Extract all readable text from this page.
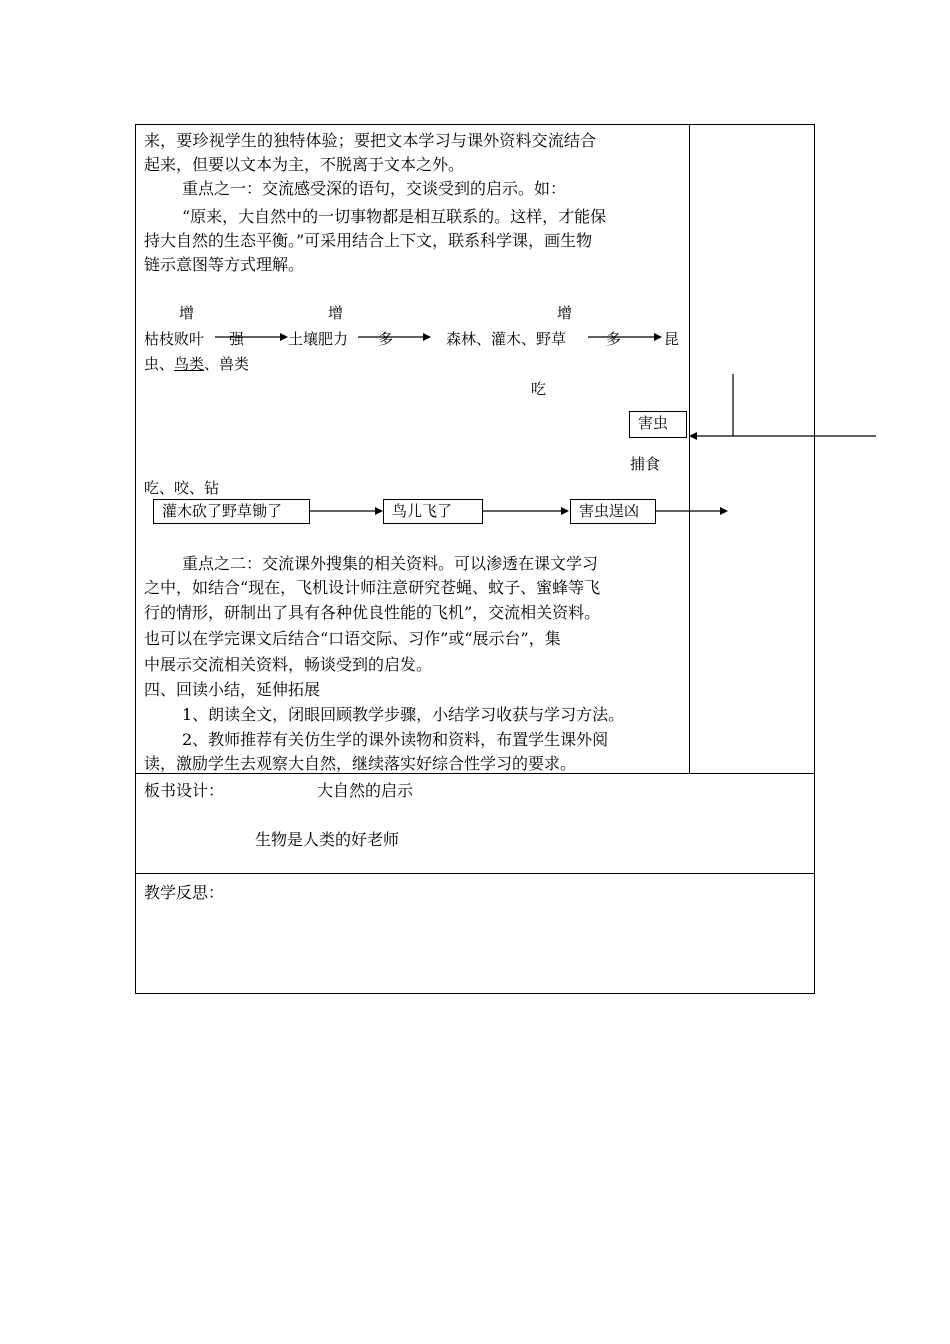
来，要珍视学生的独特体验；要把文本学习与课外资料交流结合
起来，但要以文本为主，不脱离于文本之外。
重点之一：交流感受深的语句，交谈受到的启示。如：
“原来，大自然中的一切事物都是相互联系的。这样，才能保
持大自然的生态平衡。”可采用结合上下文，联系科学课，画生物
链示意图等方式理解。
增	增	增
枯枝败叶 强	土壤肥力 多	森林、灌木、野草	多	昆
虫、鸟类、兽类
吃
害虫
捕食
吃、咬、钻
灌木砍了野草锄了	鸟儿飞了	害虫逞凶
重点之二：交流课外搜集的相关资料。可以渗透在课文学习
之中，如结合“现在，飞机设计师注意研究苍蝇、蚊子、蜜蜂等飞
行的情形，研制出了具有各种优良性能的飞机”，交流相关资料。
也可以在学完课文后结合“口语交际、习作”或“展示台”，集
中展示交流相关资料，畅谈受到的启发。
四、回读小结，延伸拓展
1、朗读全文，闭眼回顾教学步骤，小结学习收获与学习方法。
2、教师推荐有关仿生学的课外读物和资料，布置学生课外阅
读，激励学生去观察大自然，继续落实好综合性学习的要求。
板书设计：	大自然的启示
生物是人类的好老师
教学反思：
